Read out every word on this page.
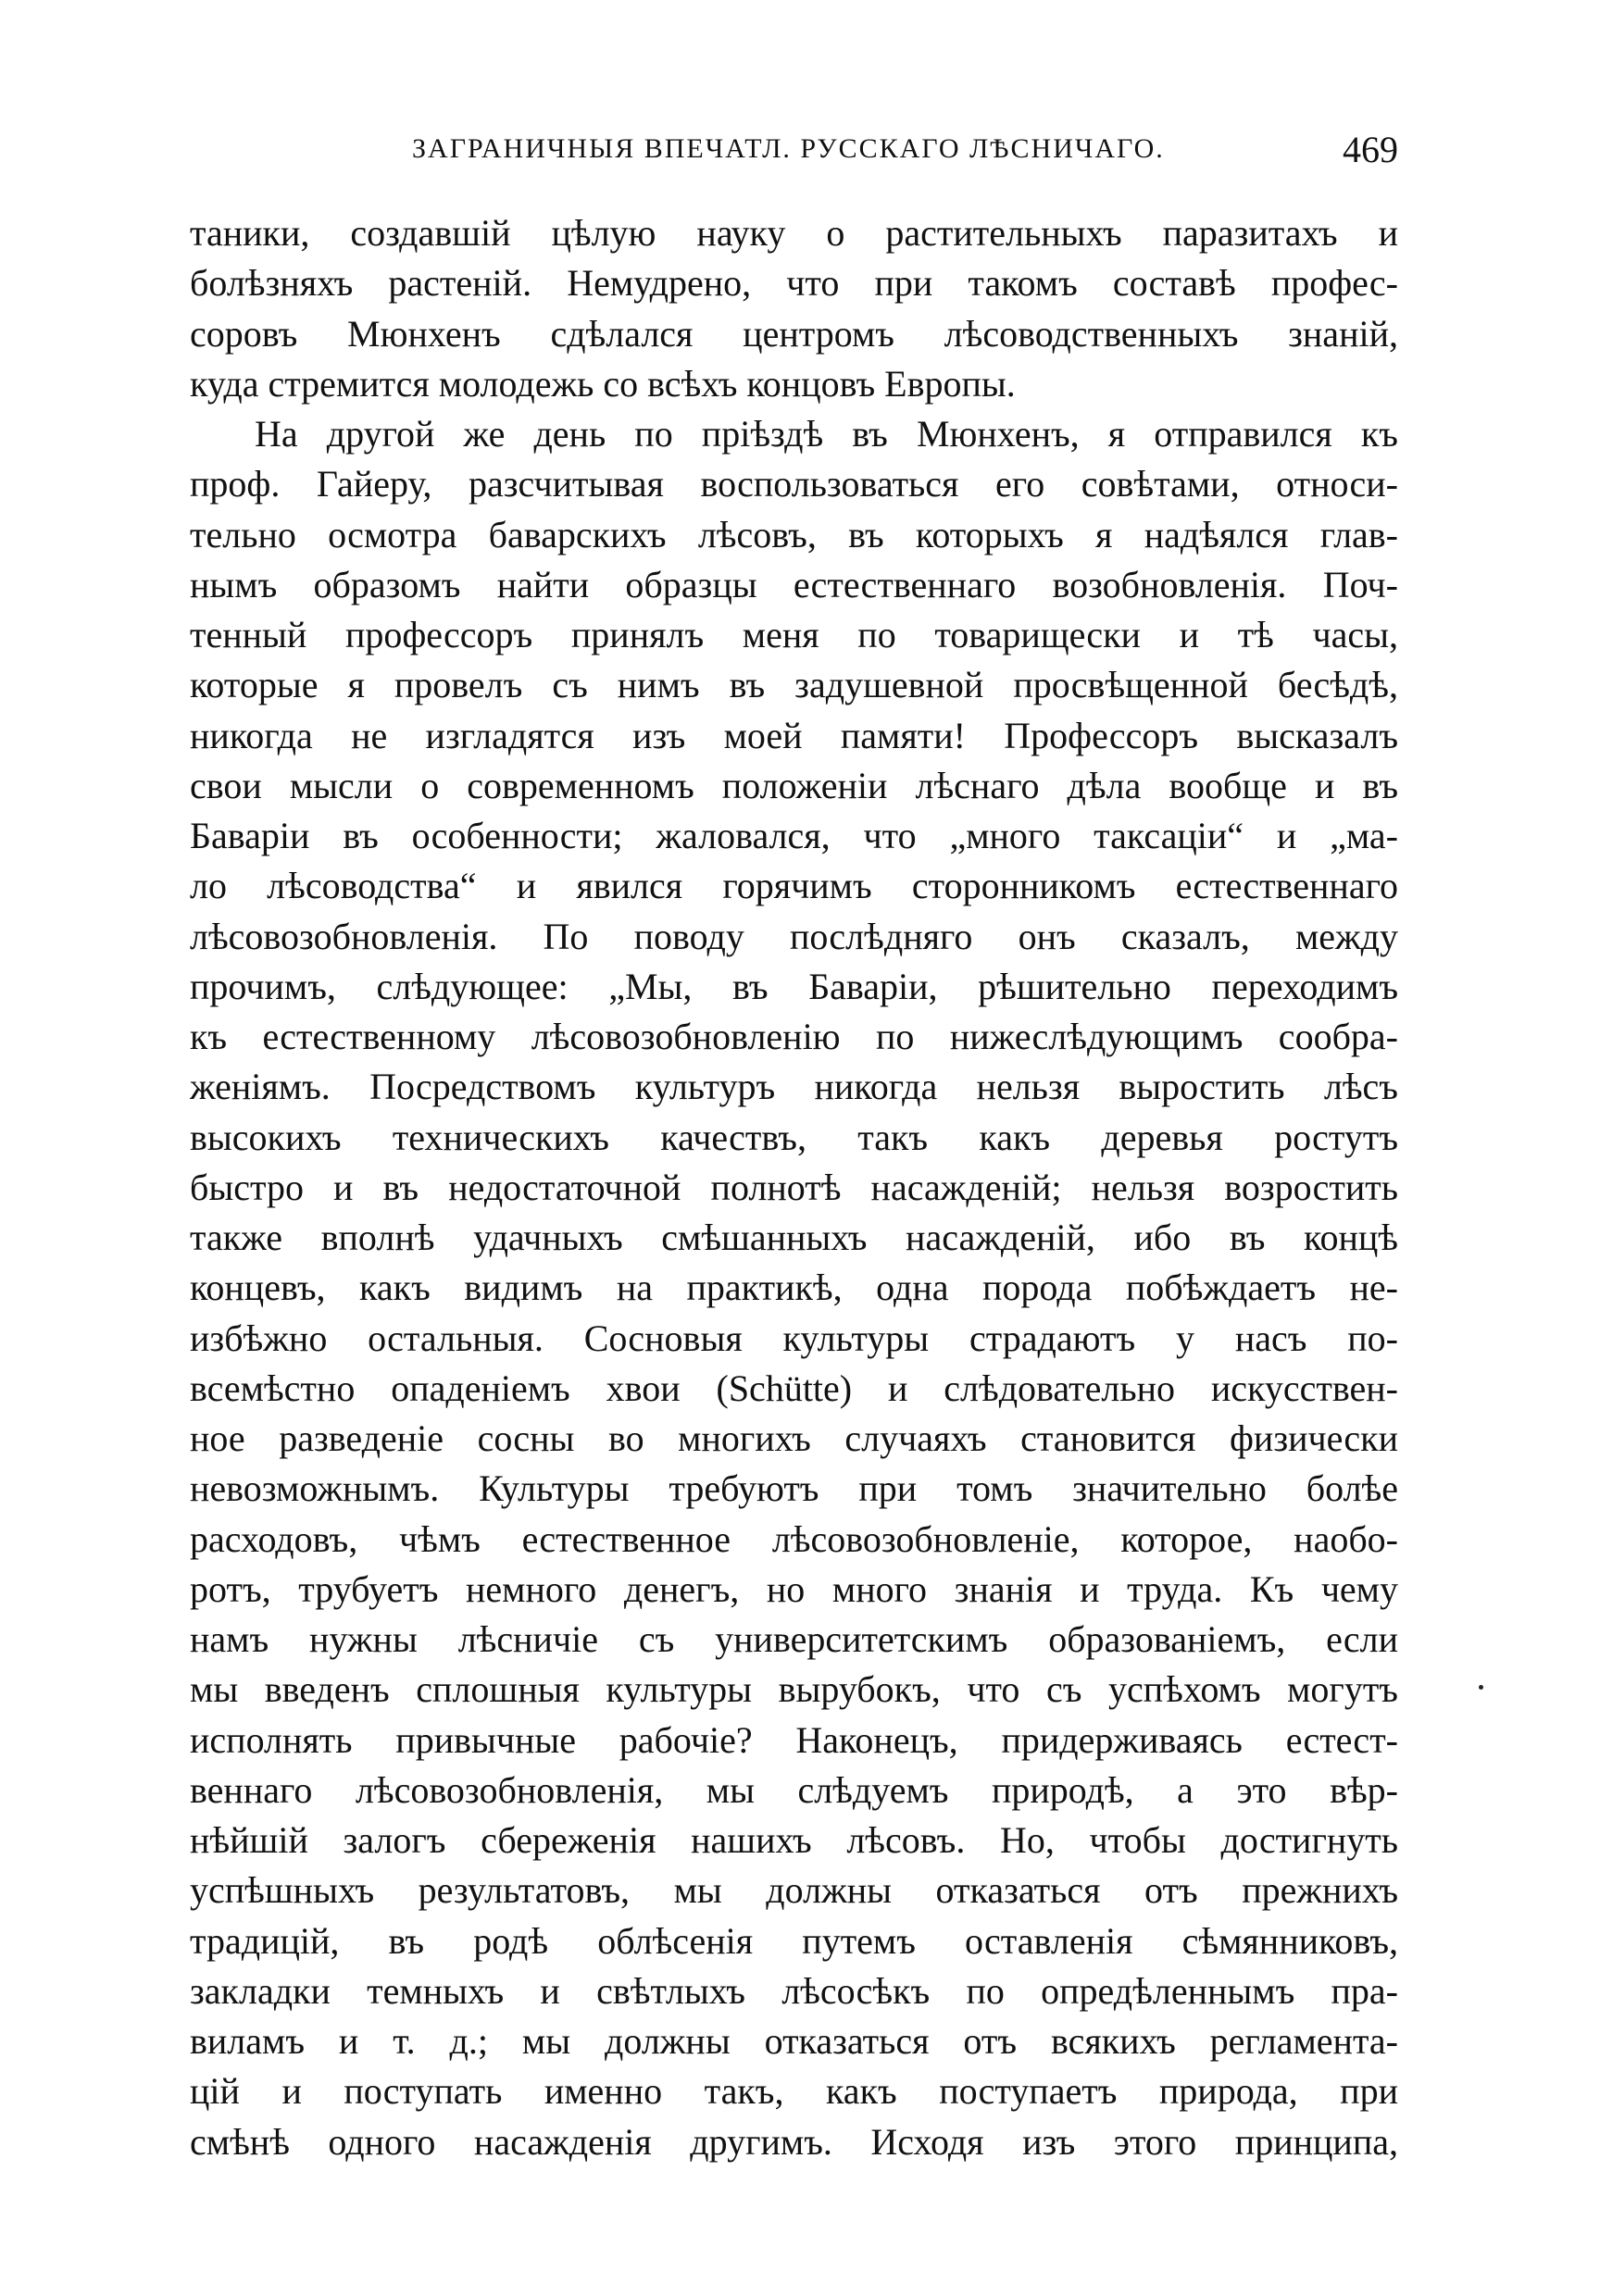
ЗАГРАНИЧНЫЯ ВПЕЧАТЛ. РУССКАГО ЛѢСНИЧАГО.	469
таники, создавшій цѣлую науку о растительныхъ паразитахъ и
болѣзняхъ растеній. Немудрено, что при такомъ составѣ профес-
соровъ Мюнхенъ сдѣлался центромъ лѣсоводственныхъ знаній,
куда стремится молодежь со всѣхъ концовъ Европы.
На другой же день по пріѣздѣ въ Мюнхенъ, я отправился къ
проф. Гайеру, разсчитывая воспользоваться его совѣтами, относи-
тельно осмотра баварскихъ лѣсовъ, въ которыхъ я надѣялся глав-
нымъ образомъ найти образцы естественнаго возобновленія. Поч-
тенный профессоръ принялъ меня по товарищески и тѣ часы,
которые я провелъ съ нимъ въ задушевной просвѣщенной бесѣдѣ,
никогда не изгладятся изъ моей памяти! Профессоръ высказалъ
свои мысли о современномъ положеніи лѣснаго дѣла вообще и въ
Баваріи въ особенности; жаловался, что „много таксаціи“ и „ма-
ло лѣсоводства“ и явился горячимъ сторонникомъ естественнаго
лѣсовозобновленія. По поводу послѣдняго онъ сказалъ, между
прочимъ, слѣдующее: „Мы, въ Баваріи, рѣшительно переходимъ
къ естественному лѣсовозобновленію по нижеслѣдующимъ сообра-
женіямъ. Посредствомъ культуръ никогда нельзя выростить лѣсъ
высокихъ техническихъ качествъ, такъ какъ деревья ростутъ
быстро и въ недостаточной полнотѣ насажденій; нельзя возростить
также вполнѣ удачныхъ смѣшанныхъ насажденій, ибо въ концѣ
концевъ, какъ видимъ на практикѣ, одна порода побѣждаетъ не-
избѣжно остальныя. Сосновыя культуры страдаютъ у насъ по-
всемѣстно опаденіемъ хвои (Schütte) и слѣдовательно искусствен-
ное разведеніе сосны во многихъ случаяхъ становится физически
невозможнымъ. Культуры требуютъ при томъ значительно болѣе
расходовъ, чѣмъ естественное лѣсовозобновленіе, которое, наобо-
ротъ, трубуетъ немного денегъ, но много знанія и труда. Къ чему
намъ нужны лѣсничіе съ университетскимъ образованіемъ, если
мы введенъ сплошныя культуры вырубокъ, что съ успѣхомъ могутъ
исполнять привычные рабочіе? Наконецъ, придерживаясь естест-
веннаго лѣсовозобновленія, мы слѣдуемъ природѣ, а это вѣр-
нѣйшій залогъ сбереженія нашихъ лѣсовъ. Но, чтобы достигнуть
успѣшныхъ результатовъ, мы должны отказаться отъ прежнихъ
традицій, въ родѣ облѣсенія путемъ оставленія сѣмянниковъ,
закладки темныхъ и свѣтлыхъ лѣсосѣкъ по опредѣленнымъ пра-
виламъ и т. д.; мы должны отказаться отъ всякихъ регламента-
цій и поступать именно такъ, какъ поступаетъ природа, при
смѣнѣ одного насажденія другимъ. Исходя изъ этого принципа,
